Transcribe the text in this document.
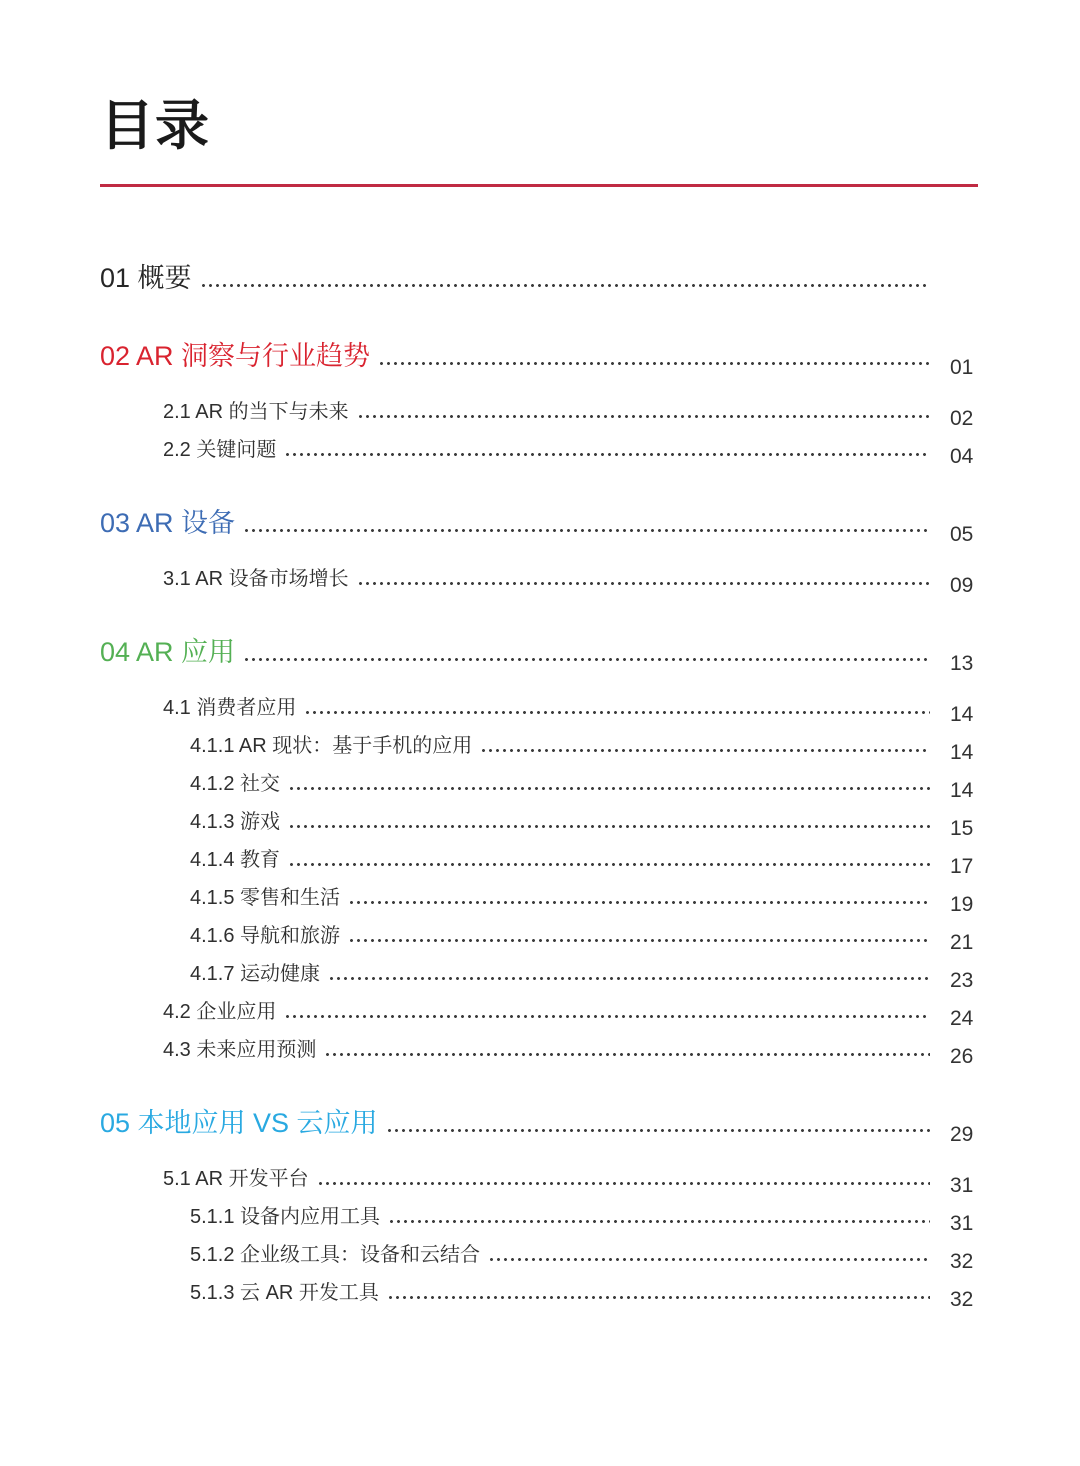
目录
01 概要
02 AR 洞察与行业趋势	01
2.1 AR 的当下与未来	02
2.2 关键问题	04
03 AR 设备	05
3.1 AR 设备市场增长	09
04 AR 应用	13
4.1 消费者应用	14
4.1.1 AR 现状：基于手机的应用	14
4.1.2 社交	14
4.1.3 游戏	15
4.1.4 教育	17
4.1.5 零售和生活	19
4.1.6 导航和旅游	21
4.1.7 运动健康	23
4.2 企业应用	24
4.3 未来应用预测	26
05 本地应用 VS 云应用	29
5.1 AR 开发平台	31
5.1.1 设备内应用工具	31
5.1.2 企业级工具：设备和云结合	32
5.1.3 云 AR 开发工具	32
